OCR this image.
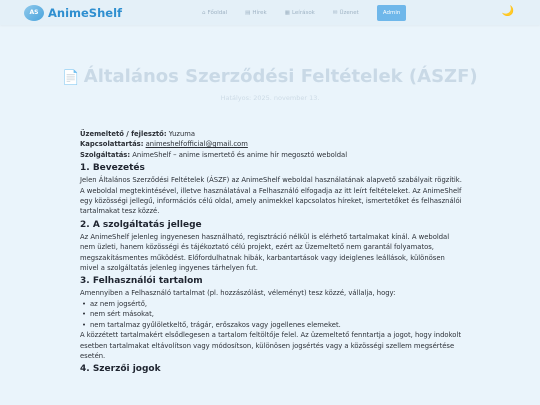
AS AnimeShelf	⌂ Főoldal	▤ Hírek	▦ Leírások	✉ Üzenet	Admin	🌙
📄 Általános Szerződési Feltételek (ÁSZF)
Hatályos: 2025. november 13.

Üzemeltető / fejlesztő: Yuzuma

Kapcsolattartás: animeshelfofficial@gmail.com

Szolgáltatás: AnimeShelf – anime ismertető és anime hír megosztó weboldal

1. Bevezetés

Jelen Általános Szerződési Feltételek (ÁSZF) az AnimeShelf weboldal használatának alapvető szabályait rögzítik. A weboldal megtekintésével, illetve használatával a Felhasználó elfogadja az itt leírt feltételeket. Az AnimeShelf egy közösségi jellegű, információs célú oldal, amely animekkel kapcsolatos híreket, ismertetőket és felhasználói tartalmakat tesz közzé.

2. A szolgáltatás jellege

Az AnimeShelf jelenleg ingyenesen használható, regisztráció nélkül is elérhető tartalmakat kínál. A weboldal nem üzleti, hanem közösségi és tájékoztató célú projekt, ezért az Üzemeltető nem garantál folyamatos, megszakításmentes működést. Előfordulhatnak hibák, karbantartások vagy ideiglenes leállások, különösen mivel a szolgáltatás jelenleg ingyenes tárhelyen fut.

3. Felhasználói tartalom

Amennyiben a Felhasználó tartalmat (pl. hozzászólást, véleményt) tesz közzé, vállalja, hogy:

• az nem jogsértő,
• nem sért másokat,
• nem tartalmaz gyűlöletkeltő, trágár, erőszakos vagy jogellenes elemeket.

A közzétett tartalmakért elsődlegesen a tartalom feltöltője felel. Az üzemeltető fenntartja a jogot, hogy indokolt esetben tartalmakat eltávolítson vagy módosítson, különösen jogsértés vagy a közösségi szellem megsértése esetén.

4. Szerzői jogok
